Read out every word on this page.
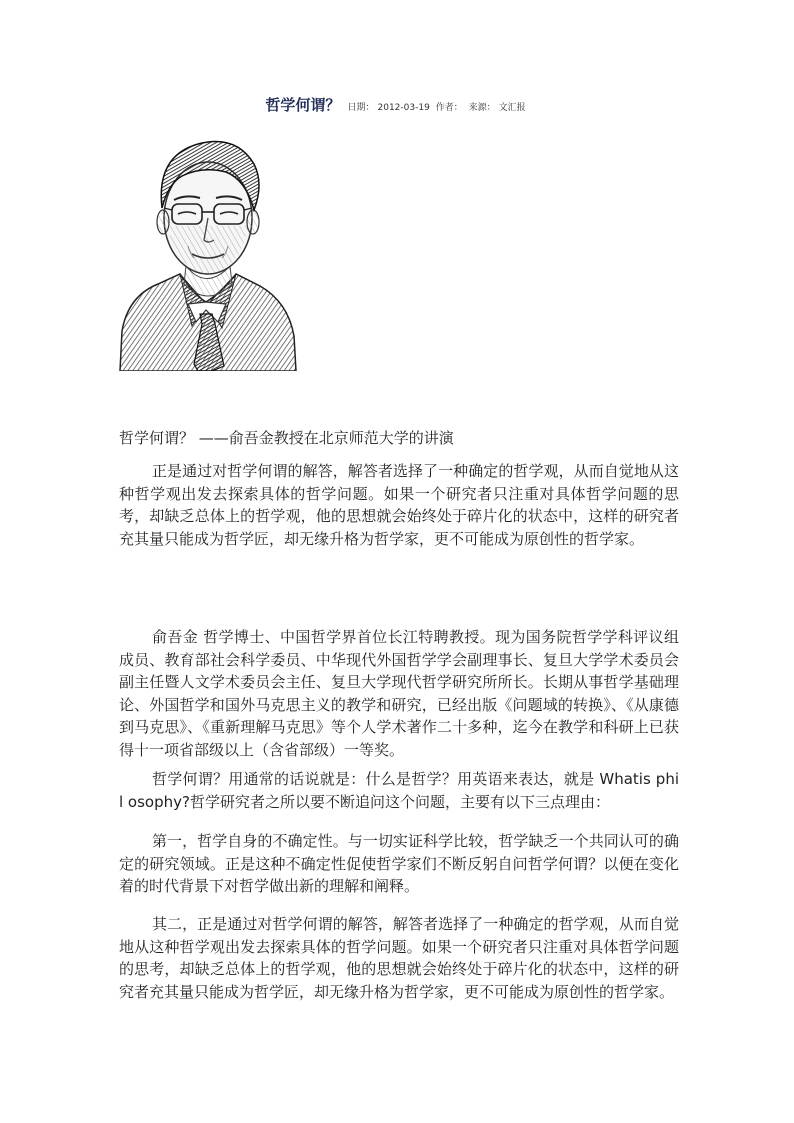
哲学何谓？ 日期： 2012-03-19 作者： 来源： 文汇报
哲学何谓？ ——俞吾金教授在北京师范大学的讲演

正是通过对哲学何谓的解答，解答者选择了一种确定的哲学观，从而自觉地从这种哲学观出发去探索具体的哲学问题。如果一个研究者只注重对具体哲学问题的思考，却缺乏总体上的哲学观，他的思想就会始终处于碎片化的状态中，这样的研究者充其量只能成为哲学匠，却无缘升格为哲学家，更不可能成为原创性的哲学家。

俞吾金 哲学博士、中国哲学界首位长江特聘教授。现为国务院哲学学科评议组成员、教育部社会科学委员、中华现代外国哲学学会副理事长、复旦大学学术委员会副主任暨人文学术委员会主任、复旦大学现代哲学研究所所长。长期从事哲学基础理论、外国哲学和国外马克思主义的教学和研究，已经出版《问题域的转换》、《从康德到马克思》、《重新理解马克思》等个人学术著作二十多种，迄今在教学和科研上已获得十一项省部级以上（含省部级）一等奖。

哲学何谓？用通常的话说就是：什么是哲学？用英语来表达，就是 Whatis phi l osophy?哲学研究者之所以要不断追问这个问题，主要有以下三点理由：

第一，哲学自身的不确定性。与一切实证科学比较，哲学缺乏一个共同认可的确定的研究领域。正是这种不确定性促使哲学家们不断反躬自问哲学何谓？以便在变化着的时代背景下对哲学做出新的理解和阐释。

其二，正是通过对哲学何谓的解答，解答者选择了一种确定的哲学观，从而自觉地从这种哲学观出发去探索具体的哲学问题。如果一个研究者只注重对具体哲学问题的思考，却缺乏总体上的哲学观，他的思想就会始终处于碎片化的状态中，这样的研究者充其量只能成为哲学匠，却无缘升格为哲学家，更不可能成为原创性的哲学家。
